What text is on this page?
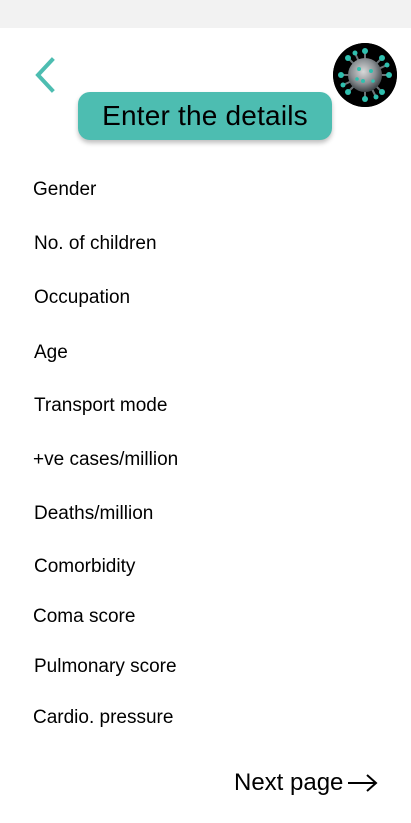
Enter the details
Gender
No. of children
Occupation
Age
Transport mode
+ve cases/million
Deaths/million
Comorbidity
Coma score
Pulmonary score
Cardio. pressure
Next page
